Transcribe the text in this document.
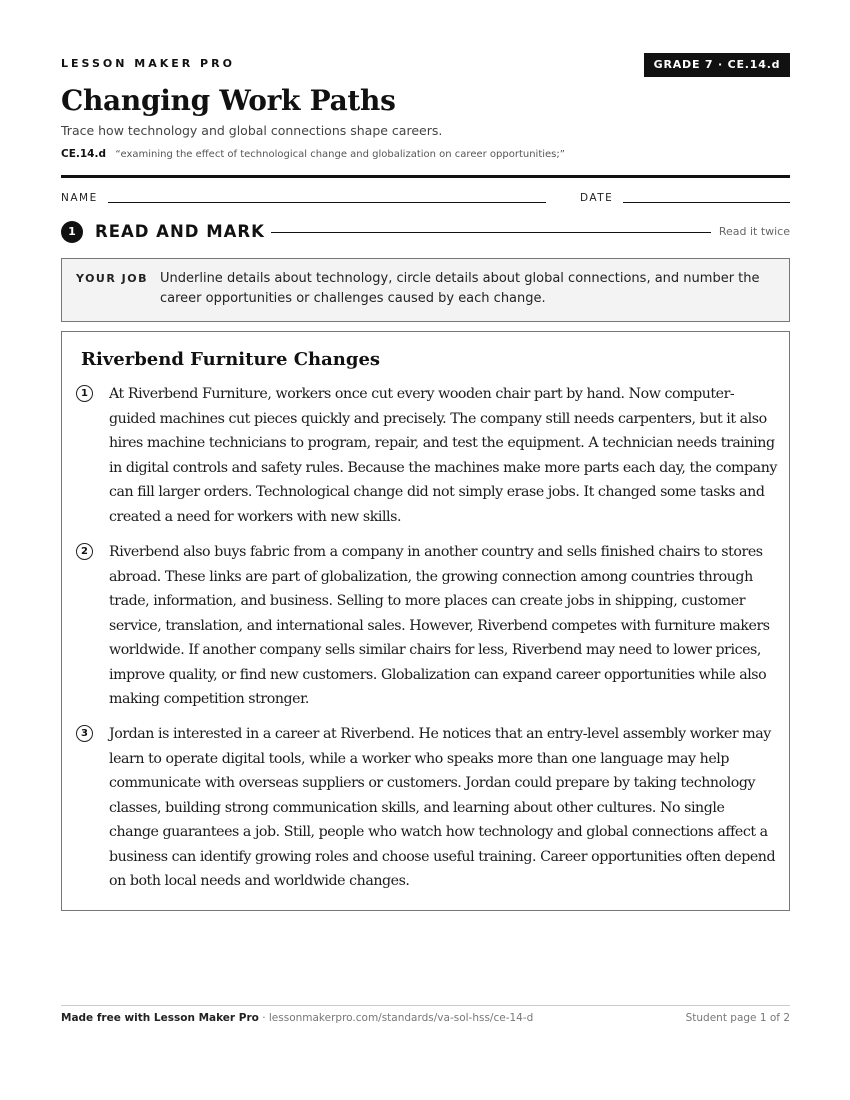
LESSON MAKER PRO	GRADE 7 · CE.14.d
Changing Work Paths
Trace how technology and global connections shape careers.
CE.14.d “examining the effect of technological change and globalization on career opportunities;”
NAME	DATE
1	READ AND MARK	Read it twice
YOUR JOB Underline details about technology, circle details about global connections, and number the career opportunities or challenges caused by each change.
Riverbend Furniture Changes
1	At Riverbend Furniture, workers once cut every wooden chair part by hand. Now computer-guided machines cut pieces quickly and precisely. The company still needs carpenters, but it also hires machine technicians to program, repair, and test the equipment. A technician needs training in digital controls and safety rules. Because the machines make more parts each day, the company can fill larger orders. Technological change did not simply erase jobs. It changed some tasks and created a need for workers with new skills.

2	Riverbend also buys fabric from a company in another country and sells finished chairs to stores abroad. These links are part of globalization, the growing connection among countries through trade, information, and business. Selling to more places can create jobs in shipping, customer service, translation, and international sales. However, Riverbend competes with furniture makers worldwide. If another company sells similar chairs for less, Riverbend may need to lower prices, improve quality, or find new customers. Globalization can expand career opportunities while also making competition stronger.

3	Jordan is interested in a career at Riverbend. He notices that an entry-level assembly worker may learn to operate digital tools, while a worker who speaks more than one language may help communicate with overseas suppliers or customers. Jordan could prepare by taking technology classes, building strong communication skills, and learning about other cultures. No single change guarantees a job. Still, people who watch how technology and global connections affect a business can identify growing roles and choose useful training. Career opportunities often depend on both local needs and worldwide changes.

Made free with Lesson Maker Pro · lessonmakerpro.com/standards/va-sol-hss/ce-14-d	Student page 1 of 2
